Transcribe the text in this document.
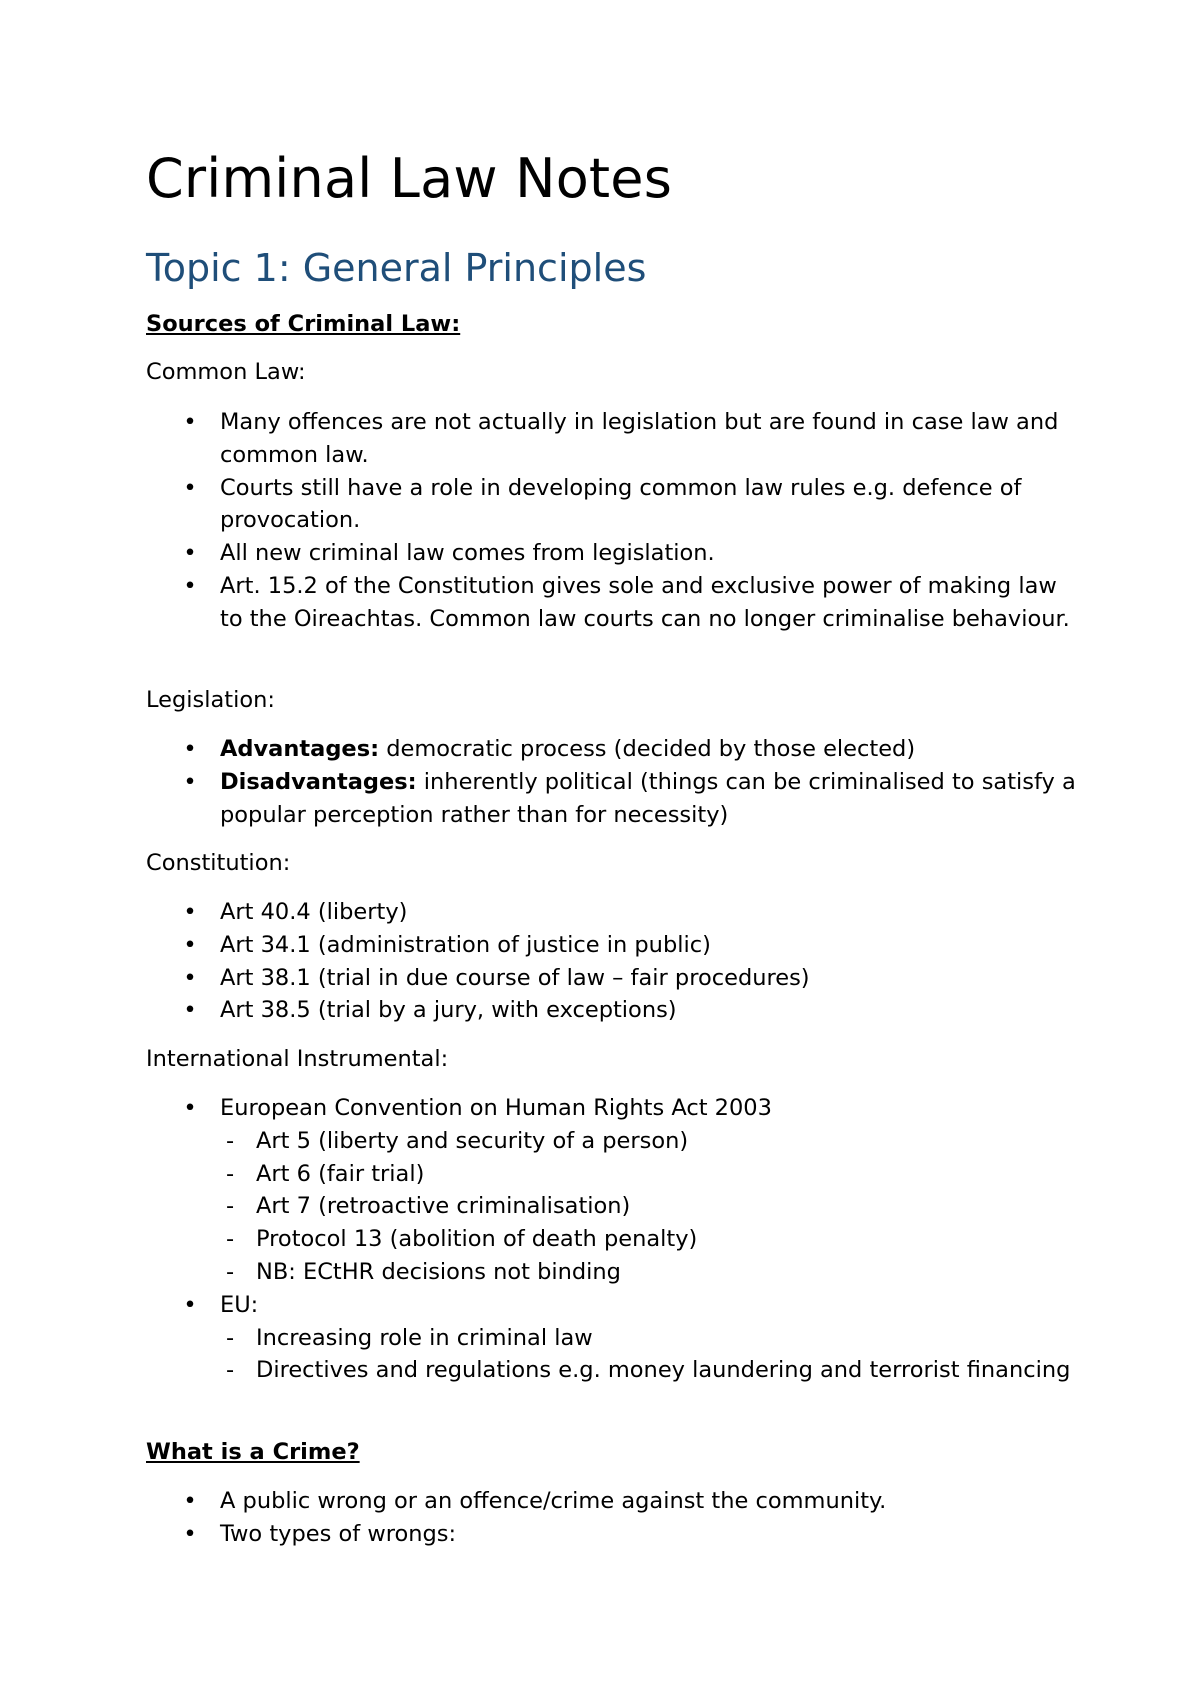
Criminal Law Notes
Topic 1: General Principles
Sources of Criminal Law:

Common Law:

• Many offences are not actually in legislation but are found in case law and common law.
• Courts still have a role in developing common law rules e.g. defence of provocation.
• All new criminal law comes from legislation.
• Art. 15.2 of the Constitution gives sole and exclusive power of making law to the Oireachtas. Common law courts can no longer criminalise behaviour.

Legislation:

• Advantages: democratic process (decided by those elected)
• Disadvantages: inherently political (things can be criminalised to satisfy a popular perception rather than for necessity)

Constitution:

• Art 40.4 (liberty)
• Art 34.1 (administration of justice in public)
• Art 38.1 (trial in due course of law – fair procedures)
• Art 38.5 (trial by a jury, with exceptions)

International Instrumental:

• European Convention on Human Rights Act 2003
- Art 5 (liberty and security of a person)
- Art 6 (fair trial)
- Art 7 (retroactive criminalisation)
- Protocol 13 (abolition of death penalty)
- NB: ECtHR decisions not binding
• EU:
- Increasing role in criminal law
- Directives and regulations e.g. money laundering and terrorist financing
What is a Crime?
• A public wrong or an offence/crime against the community.
• Two types of wrongs:
